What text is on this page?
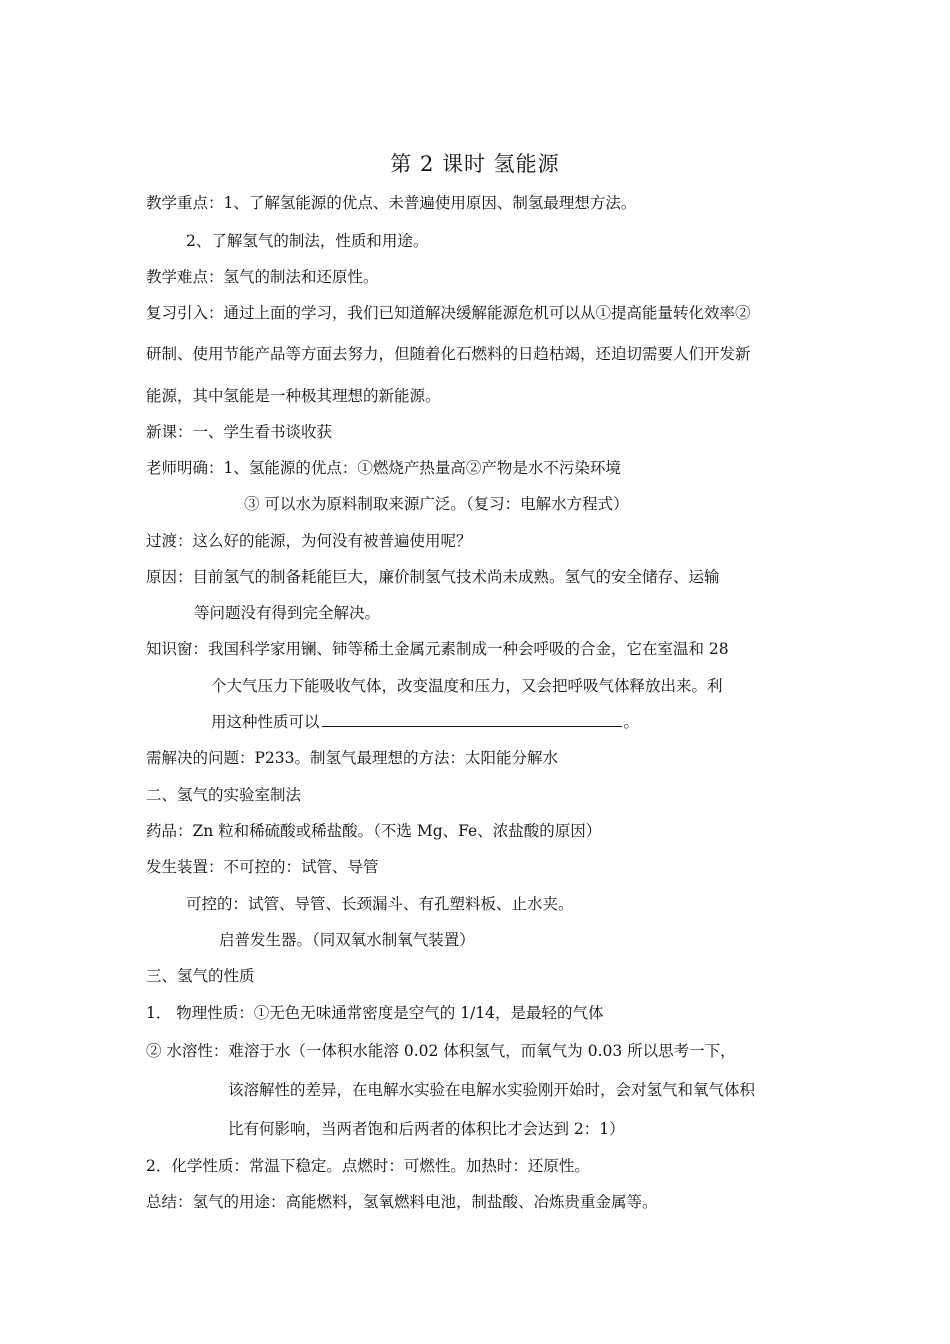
第 2 课时 氢能源
教学重点：1、了解氢能源的优点、未普遍使用原因、制氢最理想方法。
2、了解氢气的制法，性质和用途。
教学难点：氢气的制法和还原性。
复习引入：通过上面的学习，我们已知道解决缓解能源危机可以从①提高能量转化效率②
研制、使用节能产品等方面去努力，但随着化石燃料的日趋枯竭，还迫切需要人们开发新
能源，其中氢能是一种极其理想的新能源。
新课：一、学生看书谈收获
老师明确：1、氢能源的优点：①燃烧产热量高②产物是水不污染环境
③ 可以水为原料制取来源广泛。（复习：电解水方程式）
过渡：这么好的能源，为何没有被普遍使用呢？
原因：目前氢气的制备耗能巨大，廉价制氢气技术尚未成熟。氢气的安全储存、运输
等问题没有得到完全解决。
知识窗：我国科学家用镧、铈等稀土金属元素制成一种会呼吸的合金，它在室温和 28
个大气压力下能吸收气体，改变温度和压力，又会把呼吸气体释放出来。利
用这种性质可以	。
需解决的问题：P233。制氢气最理想的方法：太阳能分解水
二、氢气的实验室制法
药品：Zn 粒和稀硫酸或稀盐酸。（不选 Mg、Fe、浓盐酸的原因）
发生装置：不可控的：试管、导管
可控的：试管、导管、长颈漏斗、有孔塑料板、止水夹。
启普发生器。（同双氧水制氧气装置）
三、氢气的性质
1． 物理性质：①无色无味通常密度是空气的 1/14，是最轻的气体
② 水溶性：难溶于水（一体积水能溶 0.02 体积氢气，而氧气为 0.03 所以思考一下，
该溶解性的差异，在电解水实验在电解水实验刚开始时，会对氢气和氧气体积
比有何影响，当两者饱和后两者的体积比才会达到 2：1）
2．化学性质：常温下稳定。点燃时：可燃性。加热时：还原性。
总结：氢气的用途：高能燃料，氢氧燃料电池，制盐酸、冶炼贵重金属等。
